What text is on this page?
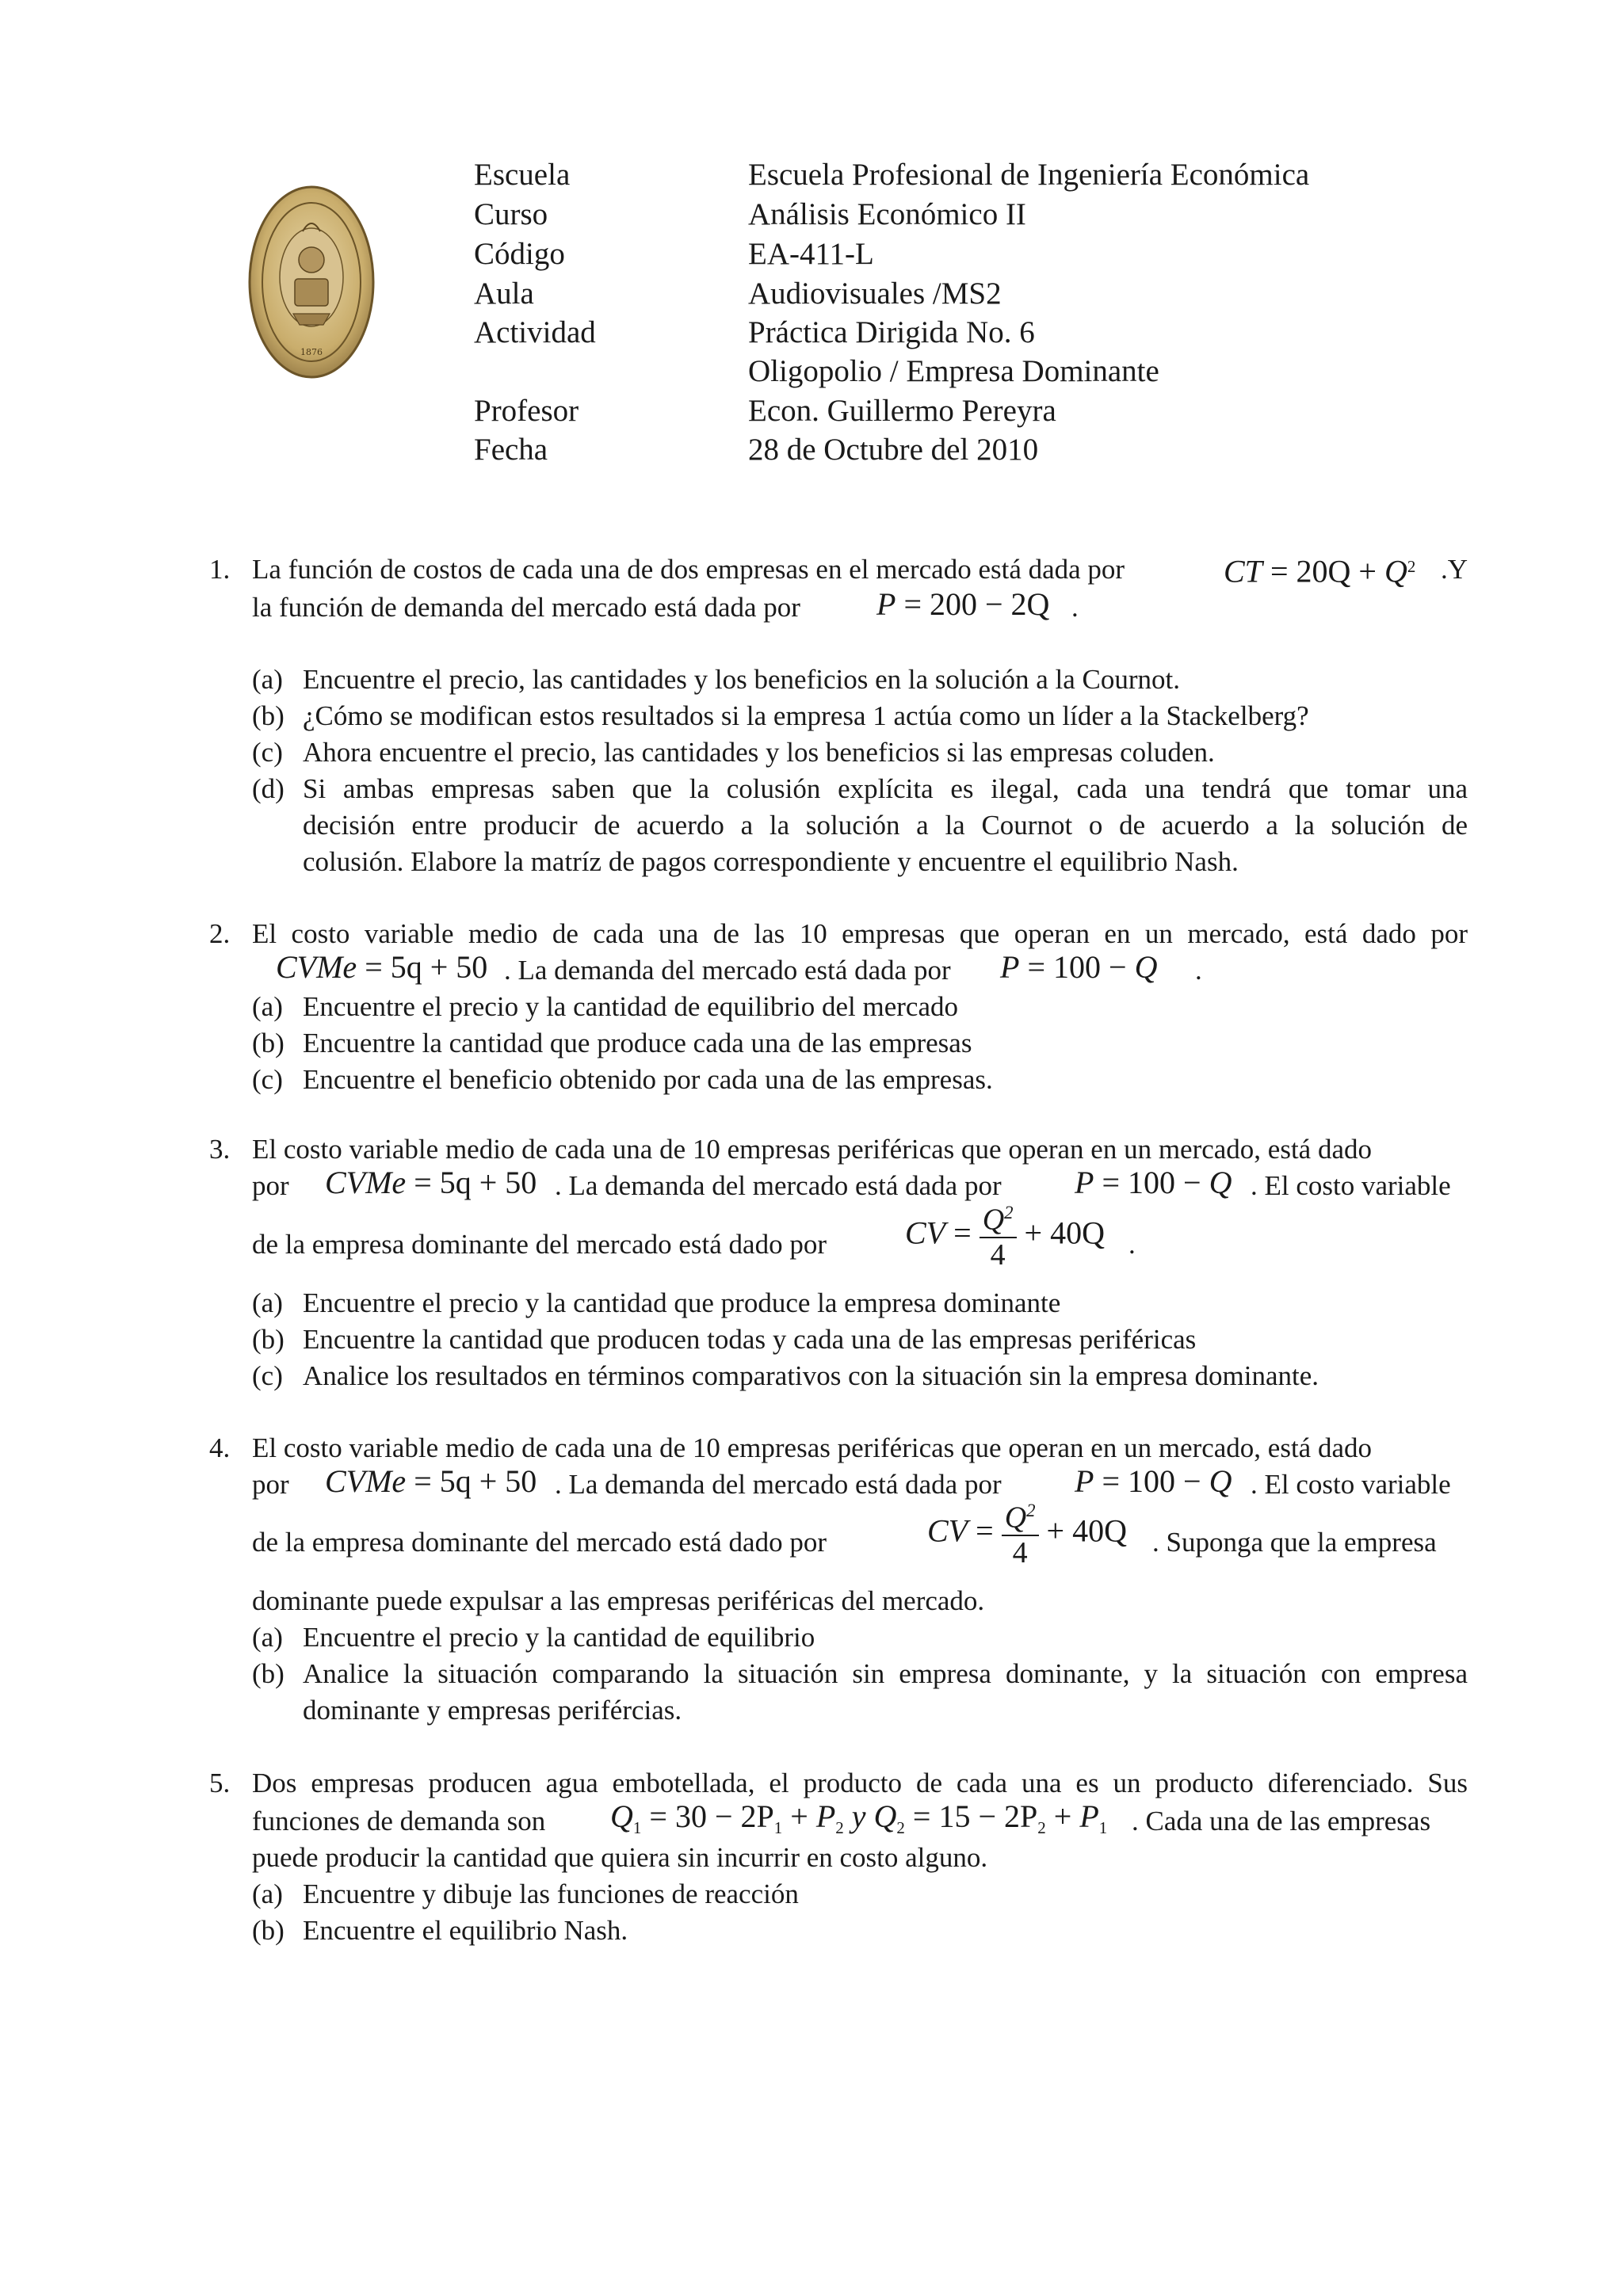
1876
Escuela	Escuela Profesional de Ingeniería Económica
Curso	Análisis Económico II
Código	EA-411-L
Aula	Audiovisuales /MS2
Actividad	Práctica Dirigida No. 6
Oligopolio / Empresa Dominante
Profesor	Econ. Guillermo Pereyra
Fecha	28 de Octubre del 2010
1. La función de costos de cada una de dos empresas en el mercado está dada por	CT = $20Q + Q^2$ .Y
la función de demanda del mercado está dada por P = 200 − 2Q .
(a) Encuentre el precio, las cantidades y los beneficios en la solución a la Cournot.
(b) ¿Cómo se modifican estos resultados si la empresa 1 actúa como un líder a la Stackelberg?
(c) Ahora encuentre el precio, las cantidades y los beneficios si las empresas coluden.
(d) Si ambas empresas saben que la colusión explícita es ilegal, cada una tendrá que tomar una
decisión entre producir de acuerdo a la solución a la Cournot o de acuerdo a la solución de
colusión. Elabore la matríz de pagos correspondiente y encuentre el equilibrio Nash.
2. El costo variable medio de cada una de las 10 empresas que operan en un mercado, está dado por
CVMe = 5q + 50 . La demanda del mercado está dada por P = 100 − Q .
(a) Encuentre el precio y la cantidad de equilibrio del mercado
(b) Encuentre la cantidad que produce cada una de las empresas
(c) Encuentre el beneficio obtenido por cada una de las empresas.
3. El costo variable medio de cada una de 10 empresas periféricas que operan en un mercado, está dado
por CVMe = 5q + 50 . La demanda del mercado está dada por P = 100 − Q . El costo variable
de la empresa dominante del mercado está dado por CV = $\frac{Q^2}{4} + 40Q$ .
(a) Encuentre el precio y la cantidad que produce la empresa dominante
(b) Encuentre la cantidad que producen todas y cada una de las empresas periféricas
(c) Analice los resultados en términos comparativos con la situación sin la empresa dominante.
4. El costo variable medio de cada una de 10 empresas periféricas que operan en un mercado, está dado
por CVMe = 5q + 50 . La demanda del mercado está dada por P = 100 − Q . El costo variable
de la empresa dominante del mercado está dado por	CV = $\frac{Q^2}{4} + 40Q$ . Suponga que la empresa
dominante puede expulsar a las empresas periféricas del mercado.
(a) Encuentre el precio y la cantidad de equilibrio
(b) Analice la situación comparando la situación sin empresa dominante, y la situación con empresa
dominante y empresas perifércias.
5. Dos empresas producen agua embotellada, el producto de cada una es un producto diferenciado. Sus
funciones de demanda son $Q_1 = 30 - 2P_1 + P_2$ y $Q_2 = 15 - 2P_2 + P_1$ . Cada una de las empresas
puede producir la cantidad que quiera sin incurrir en costo alguno.
(a) Encuentre y dibuje las funciones de reacción
(b) Encuentre el equilibrio Nash.
